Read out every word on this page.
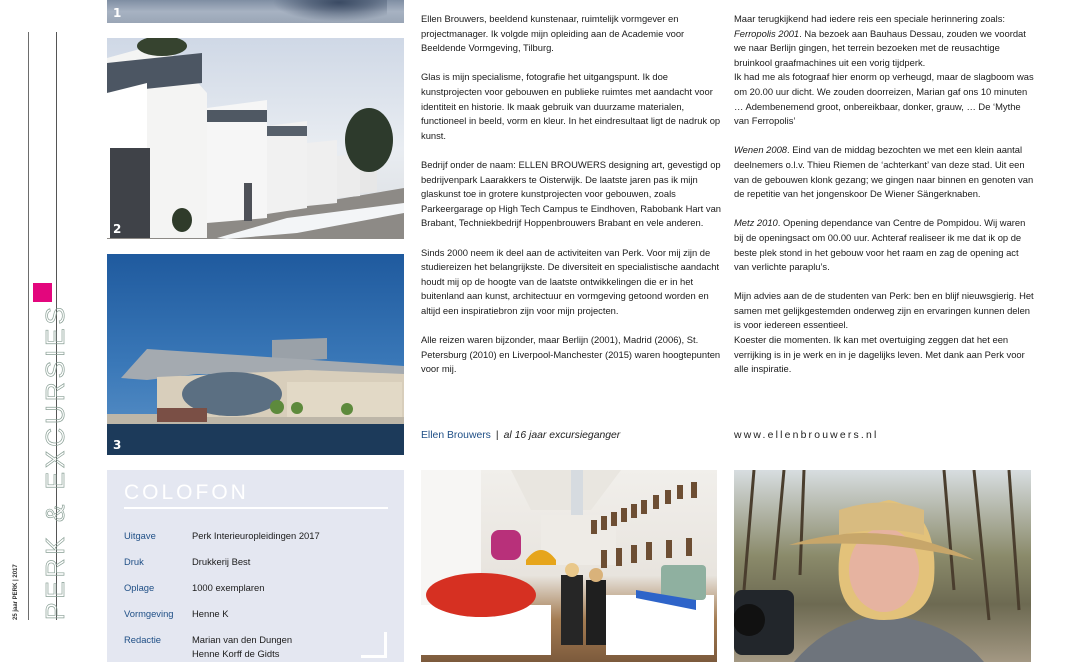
PERK & EXCURSIES
25 jaar PERK | 2017
1
2
3

Ellen Brouwers, beeldend kunstenaar, ruimtelijk vormgever en projectmanager. Ik volgde mijn opleiding aan de Academie voor Beeldende Vormgeving, Tilburg.

Glas is mijn specialisme, fotografie het uitgangspunt. Ik doe kunstprojecten voor gebouwen en publieke ruimtes met aandacht voor identiteit en historie. Ik maak gebruik van duurzame materialen, functioneel in beeld, vorm en kleur. In het eindresultaat ligt de nadruk op kunst.

Bedrijf onder de naam: ELLEN BROUWERS designing art, gevestigd op bedrijvenpark Laarakkers te Oisterwijk. De laatste jaren pas ik mijn glaskunst toe in grotere kunstprojecten voor gebouwen, zoals Parkeergarage op High Tech Campus te Eindhoven, Rabobank Hart van Brabant, Techniekbedrijf Hoppenbrouwers Brabant en vele anderen.

Sinds 2000 neem ik deel aan de activiteiten van Perk. Voor mij zijn de studiereizen het belangrijkste. De diversiteit en specialistische aandacht houdt mij op de hoogte van de laatste ontwikkelingen die er in het buitenland aan kunst, architectuur en vormgeving getoond worden en altijd een inspiratiebron zijn voor mijn projecten.

Alle reizen waren bijzonder, maar Berlijn (2001), Madrid (2006), St. Petersburg (2010) en Liverpool-Manchester (2015) waren hoogtepunten voor mij.

Ellen Brouwers | al 16 jaar excursieganger

Maar terugkijkend had iedere reis een speciale herinnering zoals:
Ferropolis 2001. Na bezoek aan Bauhaus Dessau, zouden we voordat we naar Berlijn gingen, het terrein bezoeken met de reusachtige bruinkool graafmachines uit een vorig tijdperk.
Ik had me als fotograaf hier enorm op verheugd, maar de slagboom was om 20.00 uur dicht. We zouden doorreizen, Marian gaf ons 10 minuten … Adembenemend groot, onbereikbaar, donker, grauw, … De ‘Mythe van Ferropolis’

Wenen 2008. Eind van de middag bezochten we met een klein aantal deelnemers o.l.v. Thieu Riemen de ‘achterkant’ van deze stad. Uit een van de gebouwen klonk gezang; we gingen naar binnen en genoten van de repetitie van het jongenskoor De Wiener Sängerknaben.

Metz 2010. Opening dependance van Centre de Pompidou. Wij waren bij de openingsact om 00.00 uur. Achteraf realiseer ik me dat ik op de beste plek stond in het gebouw voor het raam en zag de opening act van verlichte paraplu’s.

Mijn advies aan de de studenten van Perk: ben en blijf nieuwsgierig. Het samen met gelijkgestemden onderweg zijn en ervaringen kunnen delen is voor iedereen essentieel.
Koester die momenten. Ik kan met overtuiging zeggen dat het een verrijking is in je werk en in je dagelijks leven. Met dank aan Perk voor alle inspiratie.

www.ellenbrouwers.nl
COLOFON
Uitgave	Perk Interieuropleidingen 2017
Druk	Drukkerij Best
Oplage	1000 exemplaren
Vormgeving	Henne K
Redactie	Marian van den Dungen
Henne Korff de Gidts
